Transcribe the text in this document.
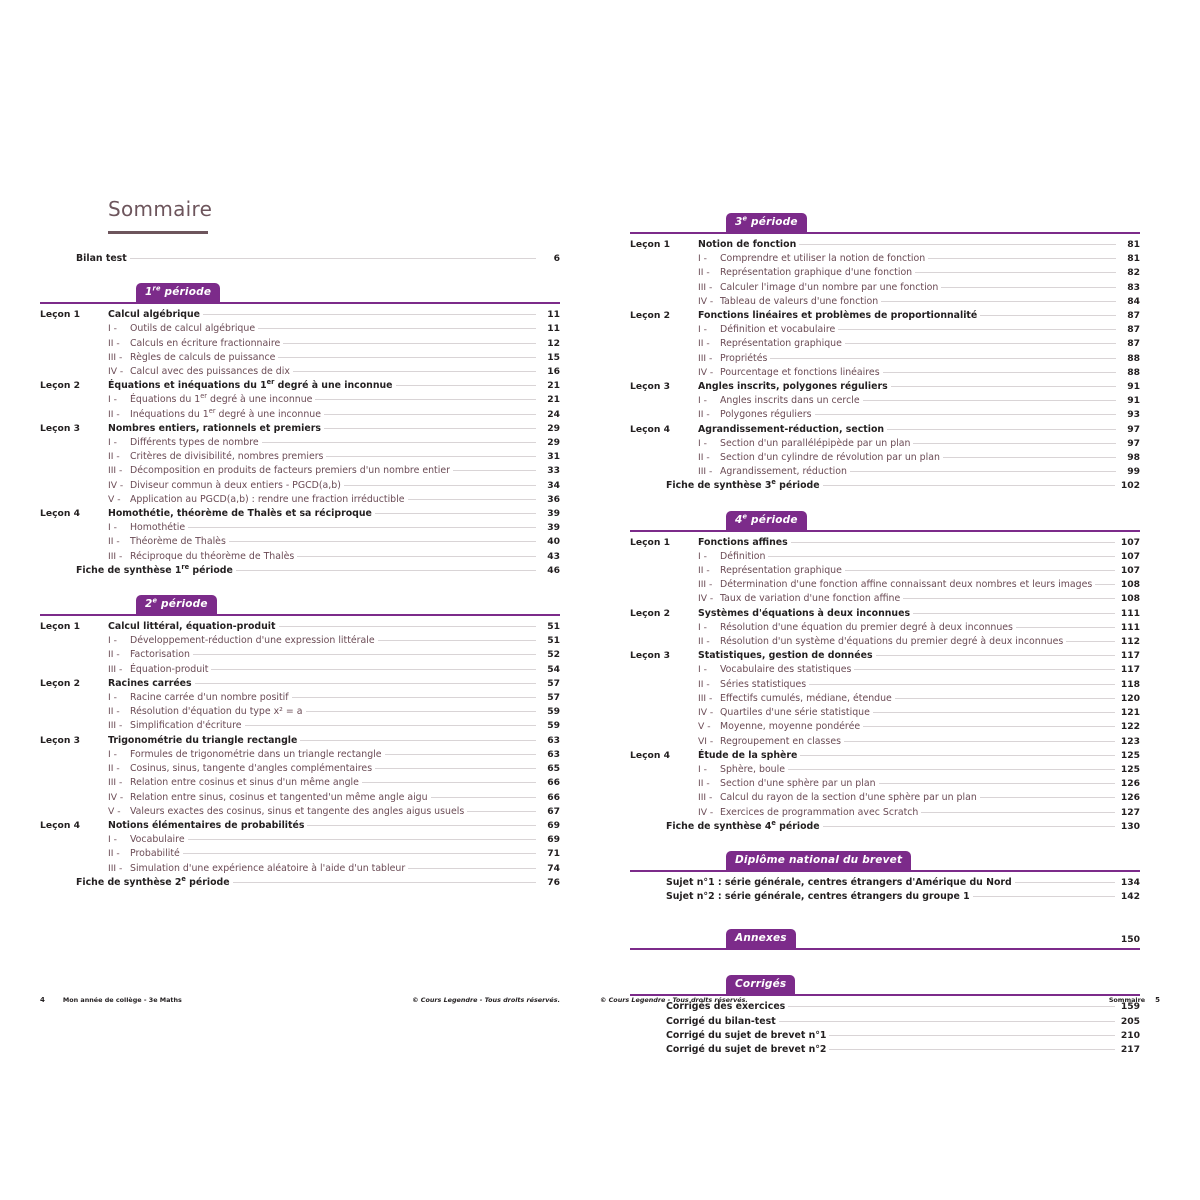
Sommaire
Bilan test	6
1re période
Leçon 1	Calcul algébrique	11
I -	Outils de calcul algébrique	11
II -	Calculs en écriture fractionnaire	12
III - Règles de calculs de puissance	15
IV - Calcul avec des puissances de dix	16
Leçon 2	Équations et inéquations du 1er degré à une inconnue	21
I -	Équations du 1er degré à une inconnue	21
II -	Inéquations du 1er degré à une inconnue	24
Leçon 3	Nombres entiers, rationnels et premiers	29
I -	Différents types de nombre	29
II -	Critères de divisibilité, nombres premiers	31
III - Décomposition en produits de facteurs premiers d'un nombre entier	33
IV - Diviseur commun à deux entiers - PGCD(a,b)	34
V -	Application au PGCD(a,b) : rendre une fraction irréductible	36
Leçon 4	Homothétie, théorème de Thalès et sa réciproque	39
I -	Homothétie	39
II -	Théorème de Thalès	40
III - Réciproque du théorème de Thalès	43
Fiche de synthèse 1re période	46
2e période
Leçon 1	Calcul littéral, équation-produit	51
I -	Développement-réduction d'une expression littérale	51
II -	Factorisation	52
III - Équation-produit	54
Leçon 2	Racines carrées	57
I -	Racine carrée d'un nombre positif	57
II -	Résolution d'équation du type x² = a	59
III - Simplification d'écriture	59
Leçon 3	Trigonométrie du triangle rectangle	63
I -	Formules de trigonométrie dans un triangle rectangle	63
II -	Cosinus, sinus, tangente d'angles complémentaires	65
III - Relation entre cosinus et sinus d'un même angle	66
IV - Relation entre sinus, cosinus et tangented'un même angle aigu	66
V -	Valeurs exactes des cosinus, sinus et tangente des angles aigus usuels	67
Leçon 4	Notions élémentaires de probabilités	69
I -	Vocabulaire	69
II -	Probabilité	71
III - Simulation d'une expérience aléatoire à l'aide d'un tableur	74
Fiche de synthèse 2e période	76
3e période
Leçon 1	Notion de fonction	81
I -	Comprendre et utiliser la notion de fonction	81
II -	Représentation graphique d'une fonction	82
III - Calculer l'image d'un nombre par une fonction	83
IV - Tableau de valeurs d'une fonction	84
Leçon 2	Fonctions linéaires et problèmes de proportionnalité	87
I -	Définition et vocabulaire	87
II -	Représentation graphique	87
III - Propriétés	88
IV - Pourcentage et fonctions linéaires	88
Leçon 3	Angles inscrits, polygones réguliers	91
I -	Angles inscrits dans un cercle	91
II -	Polygones réguliers	93
Leçon 4	Agrandissement-réduction, section	97
I -	Section d'un parallélépipède par un plan	97
II -	Section d'un cylindre de révolution par un plan	98
III - Agrandissement, réduction	99
Fiche de synthèse 3e période	102
4e période
Leçon 1	Fonctions affines	107
I -	Définition	107
II -	Représentation graphique	107
III - Détermination d'une fonction affine connaissant deux nombres et leurs images	108
IV - Taux de variation d'une fonction affine	108
Leçon 2	Systèmes d'équations à deux inconnues	111
I -	Résolution d'une équation du premier degré à deux inconnues	111
II -	Résolution d'un système d'équations du premier degré à deux inconnues	112
Leçon 3	Statistiques, gestion de données	117
I -	Vocabulaire des statistiques	117
II -	Séries statistiques	118
III - Effectifs cumulés, médiane, étendue	120
IV - Quartiles d'une série statistique	121
V -	Moyenne, moyenne pondérée	122
VI - Regroupement en classes	123
Leçon 4	Étude de la sphère	125
I -	Sphère, boule	125
II -	Section d'une sphère par un plan	126
III - Calcul du rayon de la section d'une sphère par un plan	126
IV - Exercices de programmation avec Scratch	127
Fiche de synthèse 4e période	130
Diplôme national du brevet
Sujet n°1 : série générale, centres étrangers d'Amérique du Nord	134
Sujet n°2 : série générale, centres étrangers du groupe 1	142
Annexes	150
Corrigés
Corrigés des exercices	159
Corrigé du bilan-test	205
Corrigé du sujet de brevet n°1	210
Corrigé du sujet de brevet n°2	217
4	Mon année de collège - 3e Maths	© Cours Legendre - Tous droits réservés.	© Cours Legendre - Tous droits réservés.	Sommaire	5
